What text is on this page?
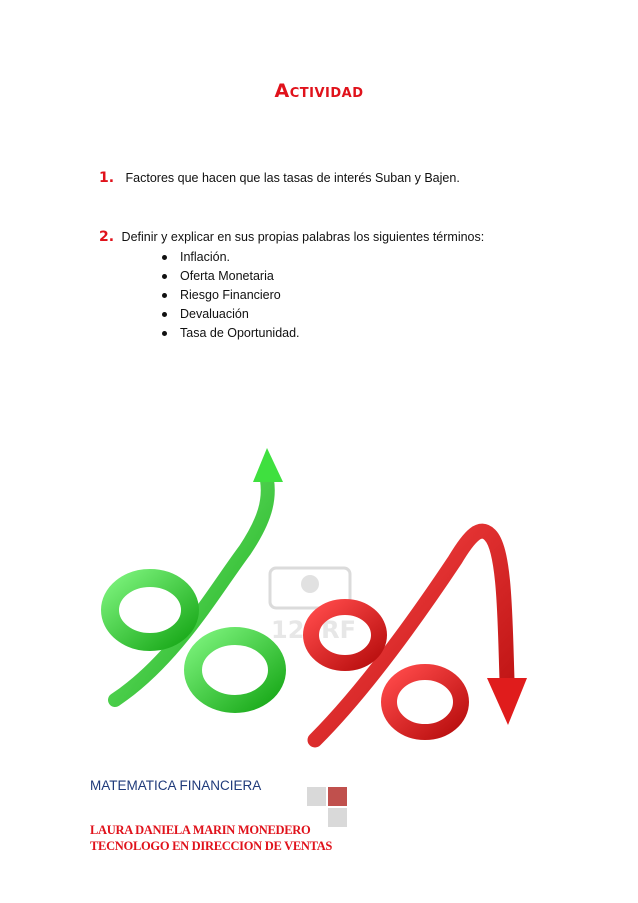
Actividad
1. Factores que hacen que las tasas de interés Suban y Bajen.
2. Definir y explicar en sus propias palabras los siguientes términos:
Inflación.
Oferta Monetaria
Riesgo Financiero
Devaluación
Tasa de Oportunidad.
123RF
MATEMATICA FINANCIERA
LAURA DANIELA MARIN MONEDERO
TECNOLOGO EN DIRECCION DE VENTAS
